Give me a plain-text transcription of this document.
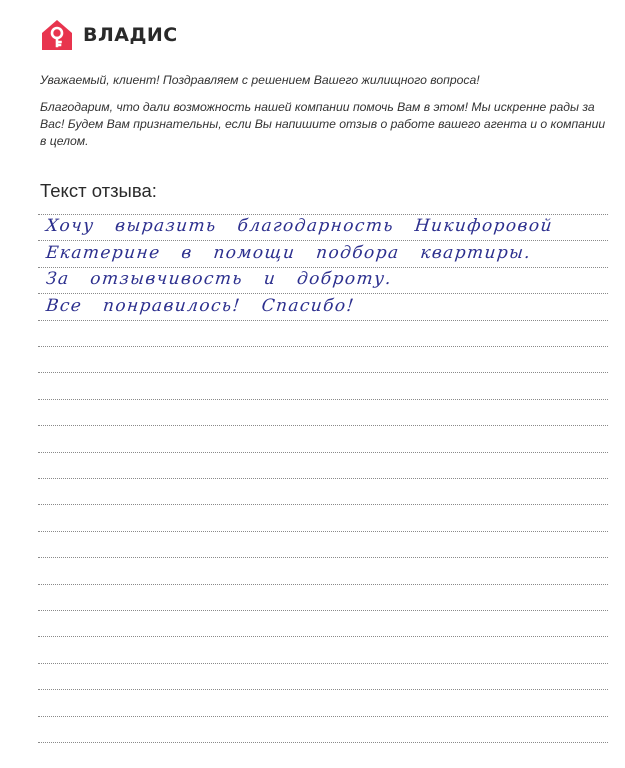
ВЛАДИС
Уважаемый, клиент! Поздравляем с решением Вашего жилищного вопроса!
Благодарим, что дали возможность нашей компании помочь Вам в этом! Мы искренне рады за Вас! Будем Вам признательны, если Вы напишите отзыв о работе вашего агента и о компании в целом.
Текст отзыва:
Хочу выразить благодарность Никифоровой
Екатерине в помощи подбора квартиры.
За отзывчивость и доброту.
Все понравилось! Спасибо!
